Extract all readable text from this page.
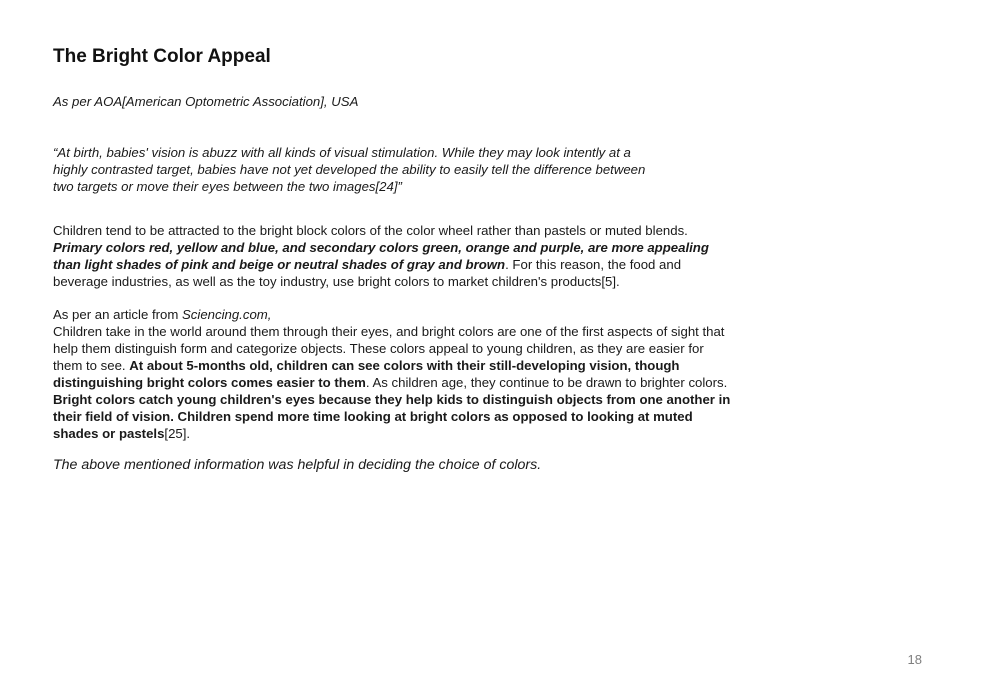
The Bright Color Appeal

As per AOA[American Optometric Association], USA

“At birth, babies' vision is abuzz with all kinds of visual stimulation. While they may look intently at a
highly contrasted target, babies have not yet developed the ability to easily tell the difference between
two targets or move their eyes between the two images[24]”

Children tend to be attracted to the bright block colors of the color wheel rather than pastels or muted blends. Primary colors red, yellow and blue, and secondary colors green, orange and purple, are more appealing than light shades of pink and beige or neutral shades of gray and brown. For this reason, the food and beverage industries, as well as the toy industry, use bright colors to market children's products[5].

As per an article from Sciencing.com,
Children take in the world around them through their eyes, and bright colors are one of the first aspects of sight that help them distinguish form and categorize objects. These colors appeal to young children, as they are easier for them to see. At about 5-months old, children can see colors with their still-developing vision, though distinguishing bright colors comes easier to them. As children age, they continue to be drawn to brighter colors. Bright colors catch young children's eyes because they help kids to distinguish objects from one another in their field of vision. Children spend more time looking at bright colors as opposed to looking at muted shades or pastels[25].

The above mentioned information was helpful in deciding the choice of colors.

18
